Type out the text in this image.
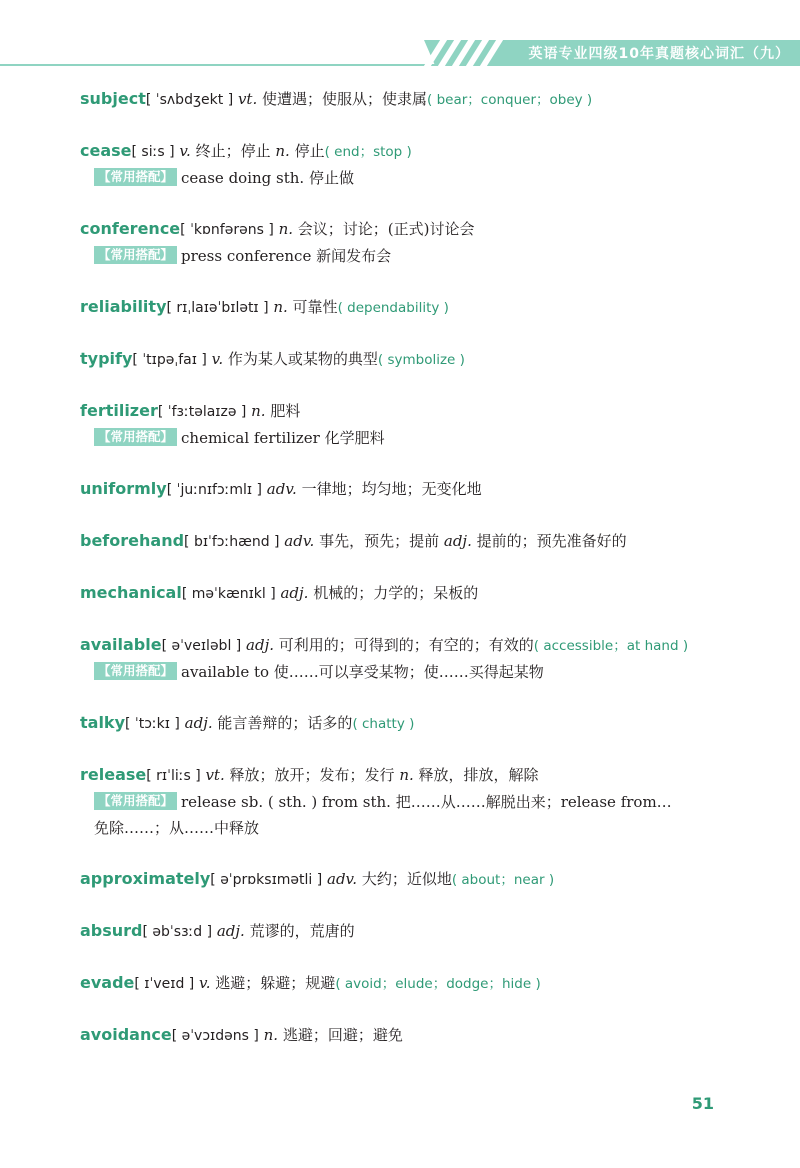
英语专业四级10年真题核心词汇（九）
subject[ ˈsʌbdʒekt ] vt. 使遭遇；使服从；使隶属( bear；conquer；obey )
cease[ siːs ] v. 终止；停止 n. 停止( end；stop )
【常用搭配】 cease doing sth. 停止做
conference[ ˈkɒnfərəns ] n. 会议；讨论；(正式)讨论会
【常用搭配】 press conference 新闻发布会
reliability[ rɪˌlaɪəˈbɪlətɪ ] n. 可靠性( dependability )
typify[ ˈtɪpəˌfaɪ ] v. 作为某人或某物的典型( symbolize )
fertilizer[ ˈfɜːtəlaɪzə ] n. 肥料
【常用搭配】 chemical fertilizer 化学肥料
uniformly[ ˈjuːnɪfɔːmlɪ ] adv. 一律地；均匀地；无变化地
beforehand[ bɪˈfɔːhænd ] adv. 事先，预先；提前 adj. 提前的；预先准备好的
mechanical[ məˈkænɪkl ] adj. 机械的；力学的；呆板的
available[ əˈveɪləbl ] adj. 可利用的；可得到的；有空的；有效的( accessible；at hand )
【常用搭配】 available to 使……可以享受某物；使……买得起某物
talky[ ˈtɔːkɪ ] adj. 能言善辩的；话多的( chatty )
release[ rɪˈliːs ] vt. 释放；放开；发布；发行 n. 释放，排放，解除
【常用搭配】 release sb. ( sth. ) from sth. 把……从……解脱出来；release from…
免除……；从……中释放
approximately[ əˈprɒksɪmətli ] adv. 大约；近似地( about；near )
absurd[ əbˈsɜːd ] adj. 荒谬的，荒唐的
evade[ ɪˈveɪd ] v. 逃避；躲避；规避( avoid；elude；dodge；hide )
avoidance[ əˈvɔɪdəns ] n. 逃避；回避；避免
51
